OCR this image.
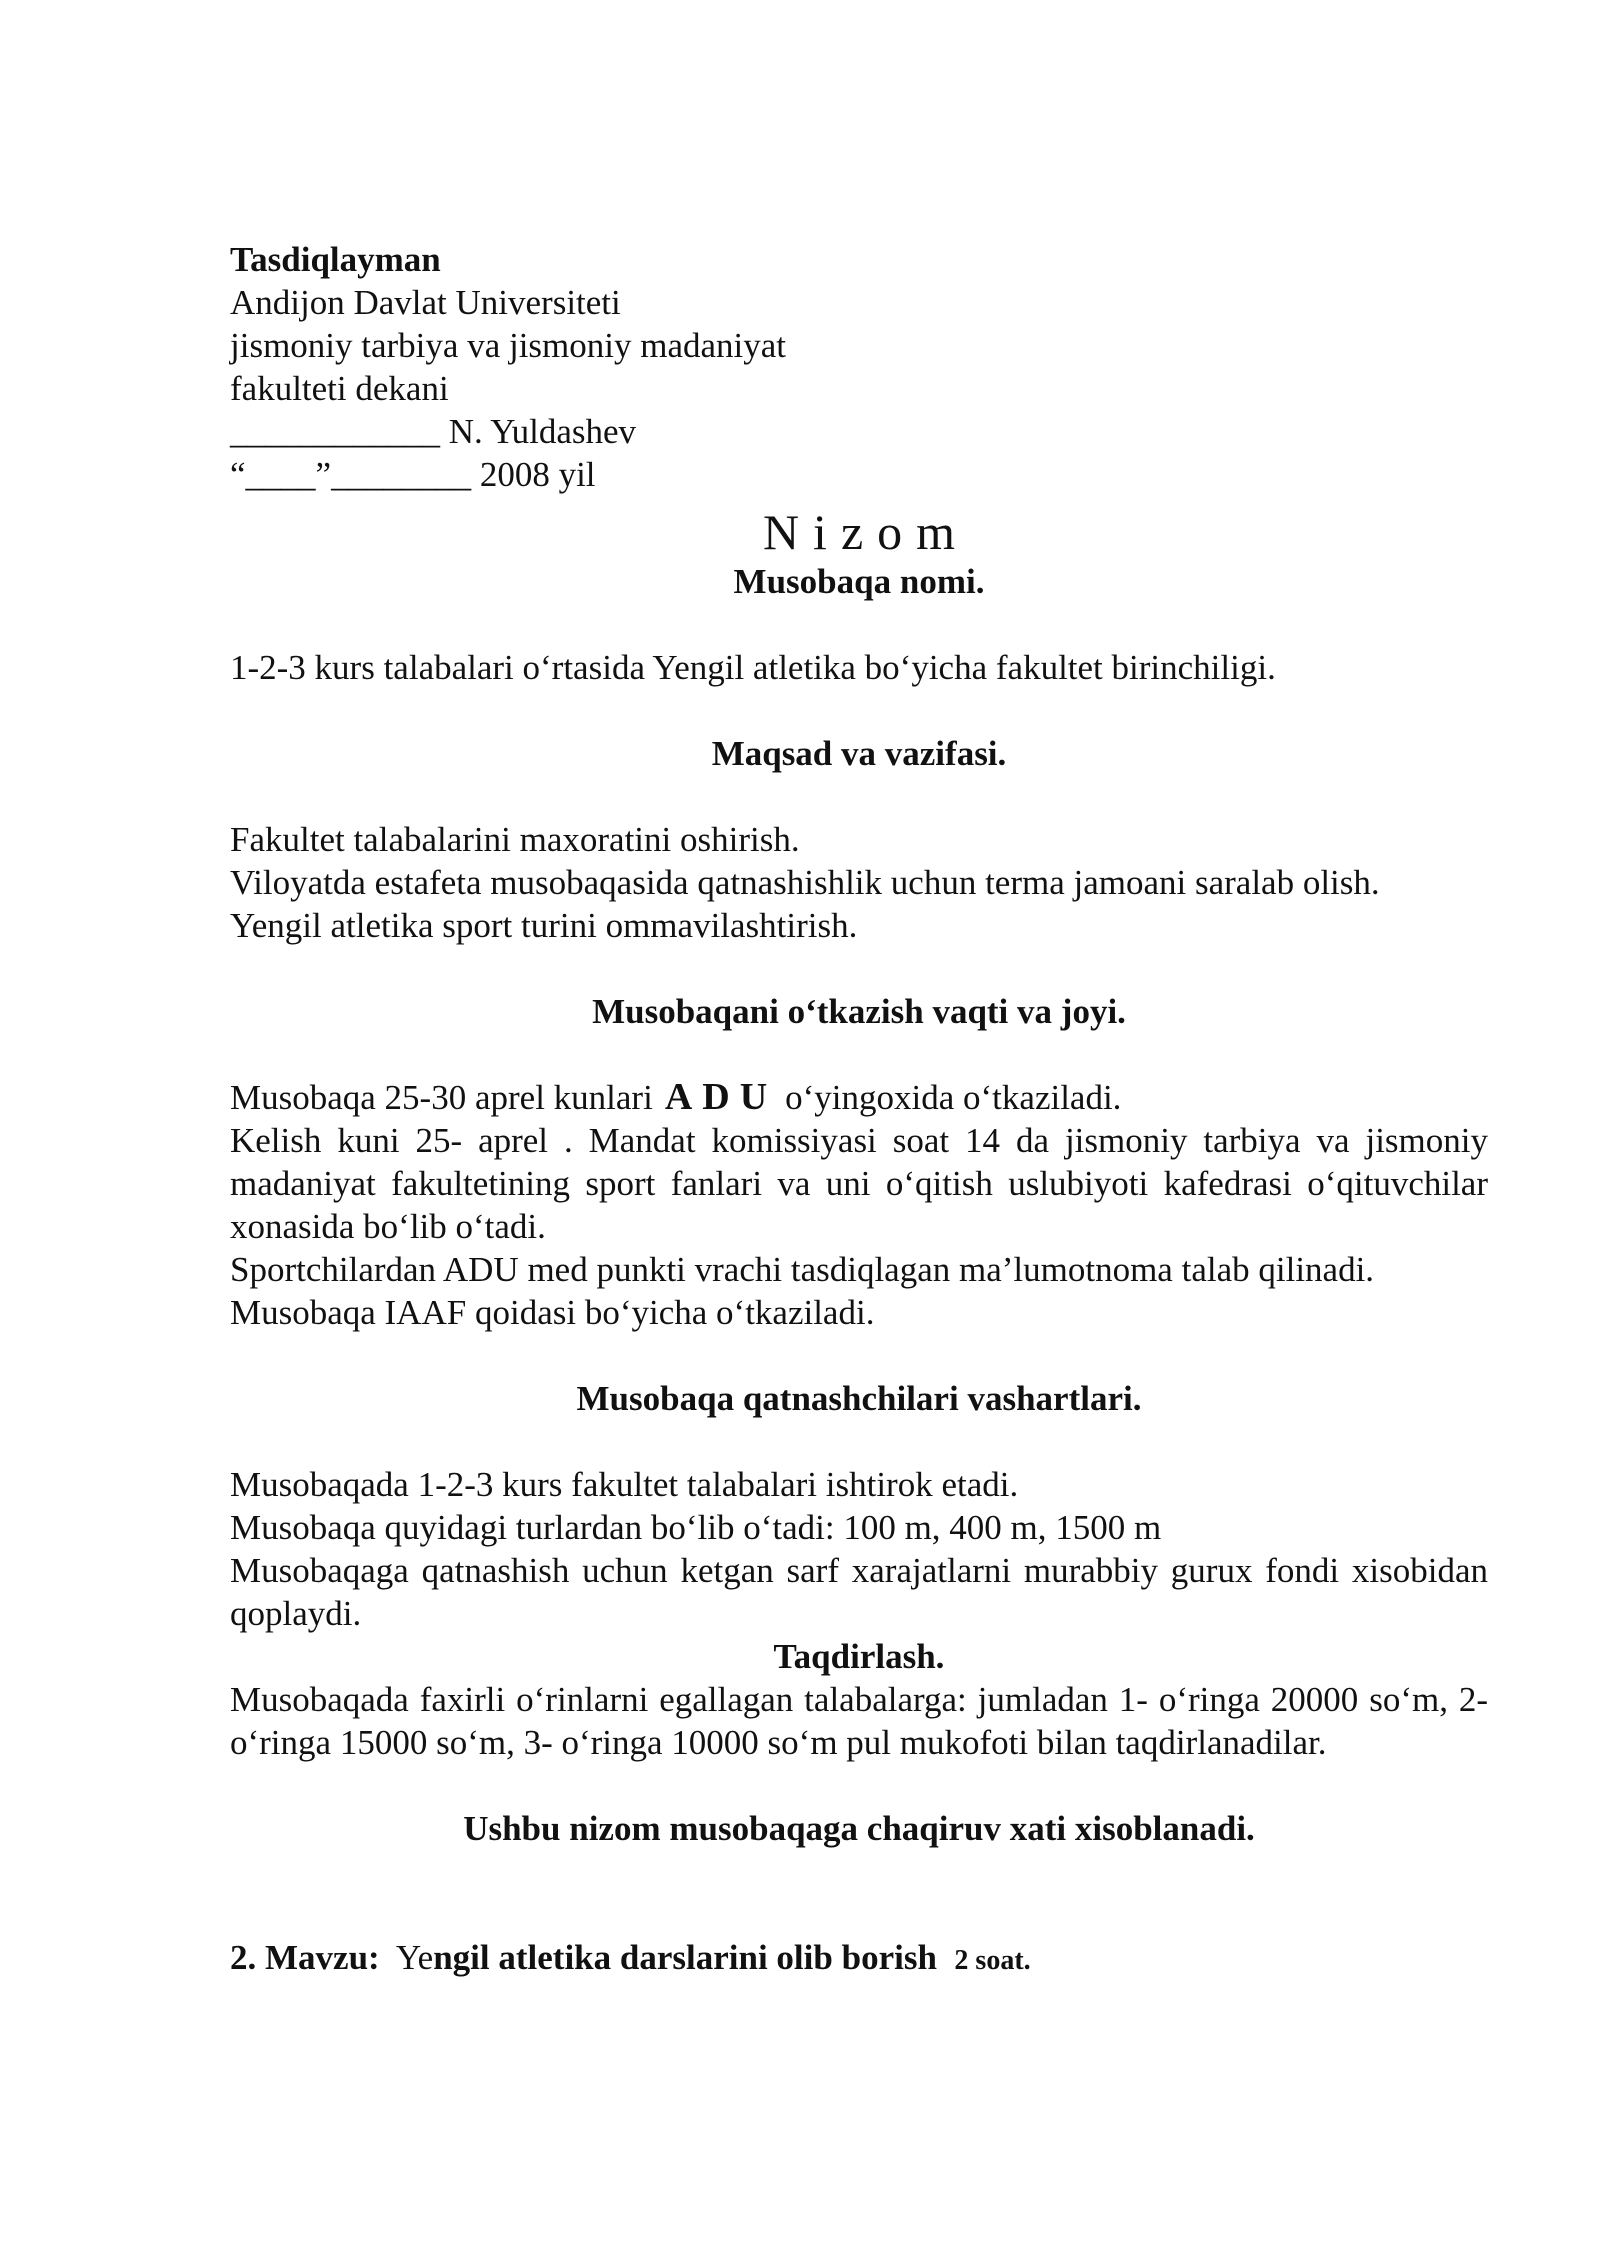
Tasdiqlayman

Andijon Davlat Universiteti

jismoniy tarbiya va jismoniy madaniyat

fakulteti dekani

____________ N. Yuldashev

“____”________ 2008 yil

Nizom

Musobaqa nomi.

1-2-3 kurs talabalari o‘rtasida Yengil atletika bo‘yicha fakultet birinchiligi.

Maqsad va vazifasi.

Fakultet talabalarini maxoratini oshirish.

Viloyatda estafeta musobaqasida qatnashishlik uchun terma jamoani saralab olish.

Yengil atletika sport turini ommavilashtirish.

Musobaqani o‘tkazish vaqti va joyi.

Musobaqa 25-30 aprel kunlari ADU o‘yingoxida o‘tkaziladi.

Kelish kuni 25- aprel . Mandat komissiyasi soat 14 da jismoniy tarbiya va jismoniy madaniyat fakultetining sport fanlari va uni o‘qitish uslubiyoti kafedrasi o‘qituvchilar xonasida bo‘lib o‘tadi.

Sportchilardan ADU med punkti vrachi tasdiqlagan ma’lumotnoma talab qilinadi.

Musobaqa IAAF qoidasi bo‘yicha o‘tkaziladi.

Musobaqa qatnashchilari vashartlari.

Musobaqada 1-2-3 kurs fakultet talabalari ishtirok etadi.

Musobaqa quyidagi turlardan bo‘lib o‘tadi: 100 m, 400 m, 1500 m

Musobaqaga qatnashish uchun ketgan sarf xarajatlarni murabbiy gurux fondi xisobidan qoplaydi.

Taqdirlash.

Musobaqada faxirli o‘rinlarni egallagan talabalarga: jumladan 1- o‘ringa 20000 so‘m, 2- o‘ringa 15000 so‘m, 3- o‘ringa 10000 so‘m pul mukofoti bilan taqdirlanadilar.

Ushbu nizom musobaqaga chaqiruv xati xisoblanadi.

2. Mavzu: Yengil atletika darslarini olib borish 2 soat.
